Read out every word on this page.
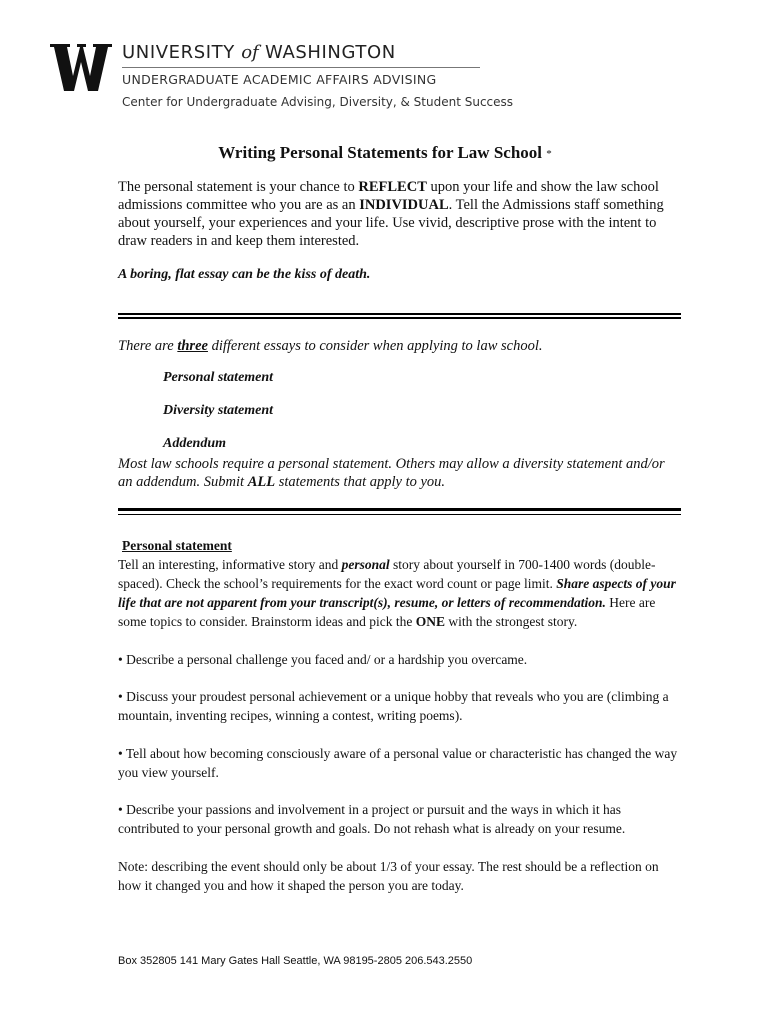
UNIVERSITY of WASHINGTON
UNDERGRADUATE ACADEMIC AFFAIRS ADVISING
Center for Undergraduate Advising, Diversity, & Student Success
Writing Personal Statements for Law School *
The personal statement is your chance to REFLECT upon your life and show the law school admissions committee who you are as an INDIVIDUAL. Tell the Admissions staff something about yourself, your experiences and your life. Use vivid, descriptive prose with the intent to draw readers in and keep them interested.
A boring, flat essay can be the kiss of death.
There are three different essays to consider when applying to law school.
Personal statement
Diversity statement
Addendum
Most law schools require a personal statement. Others may allow a diversity statement and/or an addendum. Submit ALL statements that apply to you.
Personal statement
Tell an interesting, informative story and personal story about yourself in 700-1400 words (double-spaced). Check the school’s requirements for the exact word count or page limit. Share aspects of your life that are not apparent from your transcript(s), resume, or letters of recommendation. Here are some topics to consider. Brainstorm ideas and pick the ONE with the strongest story.
• Describe a personal challenge you faced and/ or a hardship you overcame.
• Discuss your proudest personal achievement or a unique hobby that reveals who you are (climbing a mountain, inventing recipes, winning a contest, writing poems).
• Tell about how becoming consciously aware of a personal value or characteristic has changed the way you view yourself.
• Describe your passions and involvement in a project or pursuit and the ways in which it has contributed to your personal growth and goals. Do not rehash what is already on your resume.
Note: describing the event should only be about 1/3 of your essay. The rest should be a reflection on how it changed you and how it shaped the person you are today.
Box 352805 141 Mary Gates Hall Seattle, WA 98195-2805 206.543.2550
